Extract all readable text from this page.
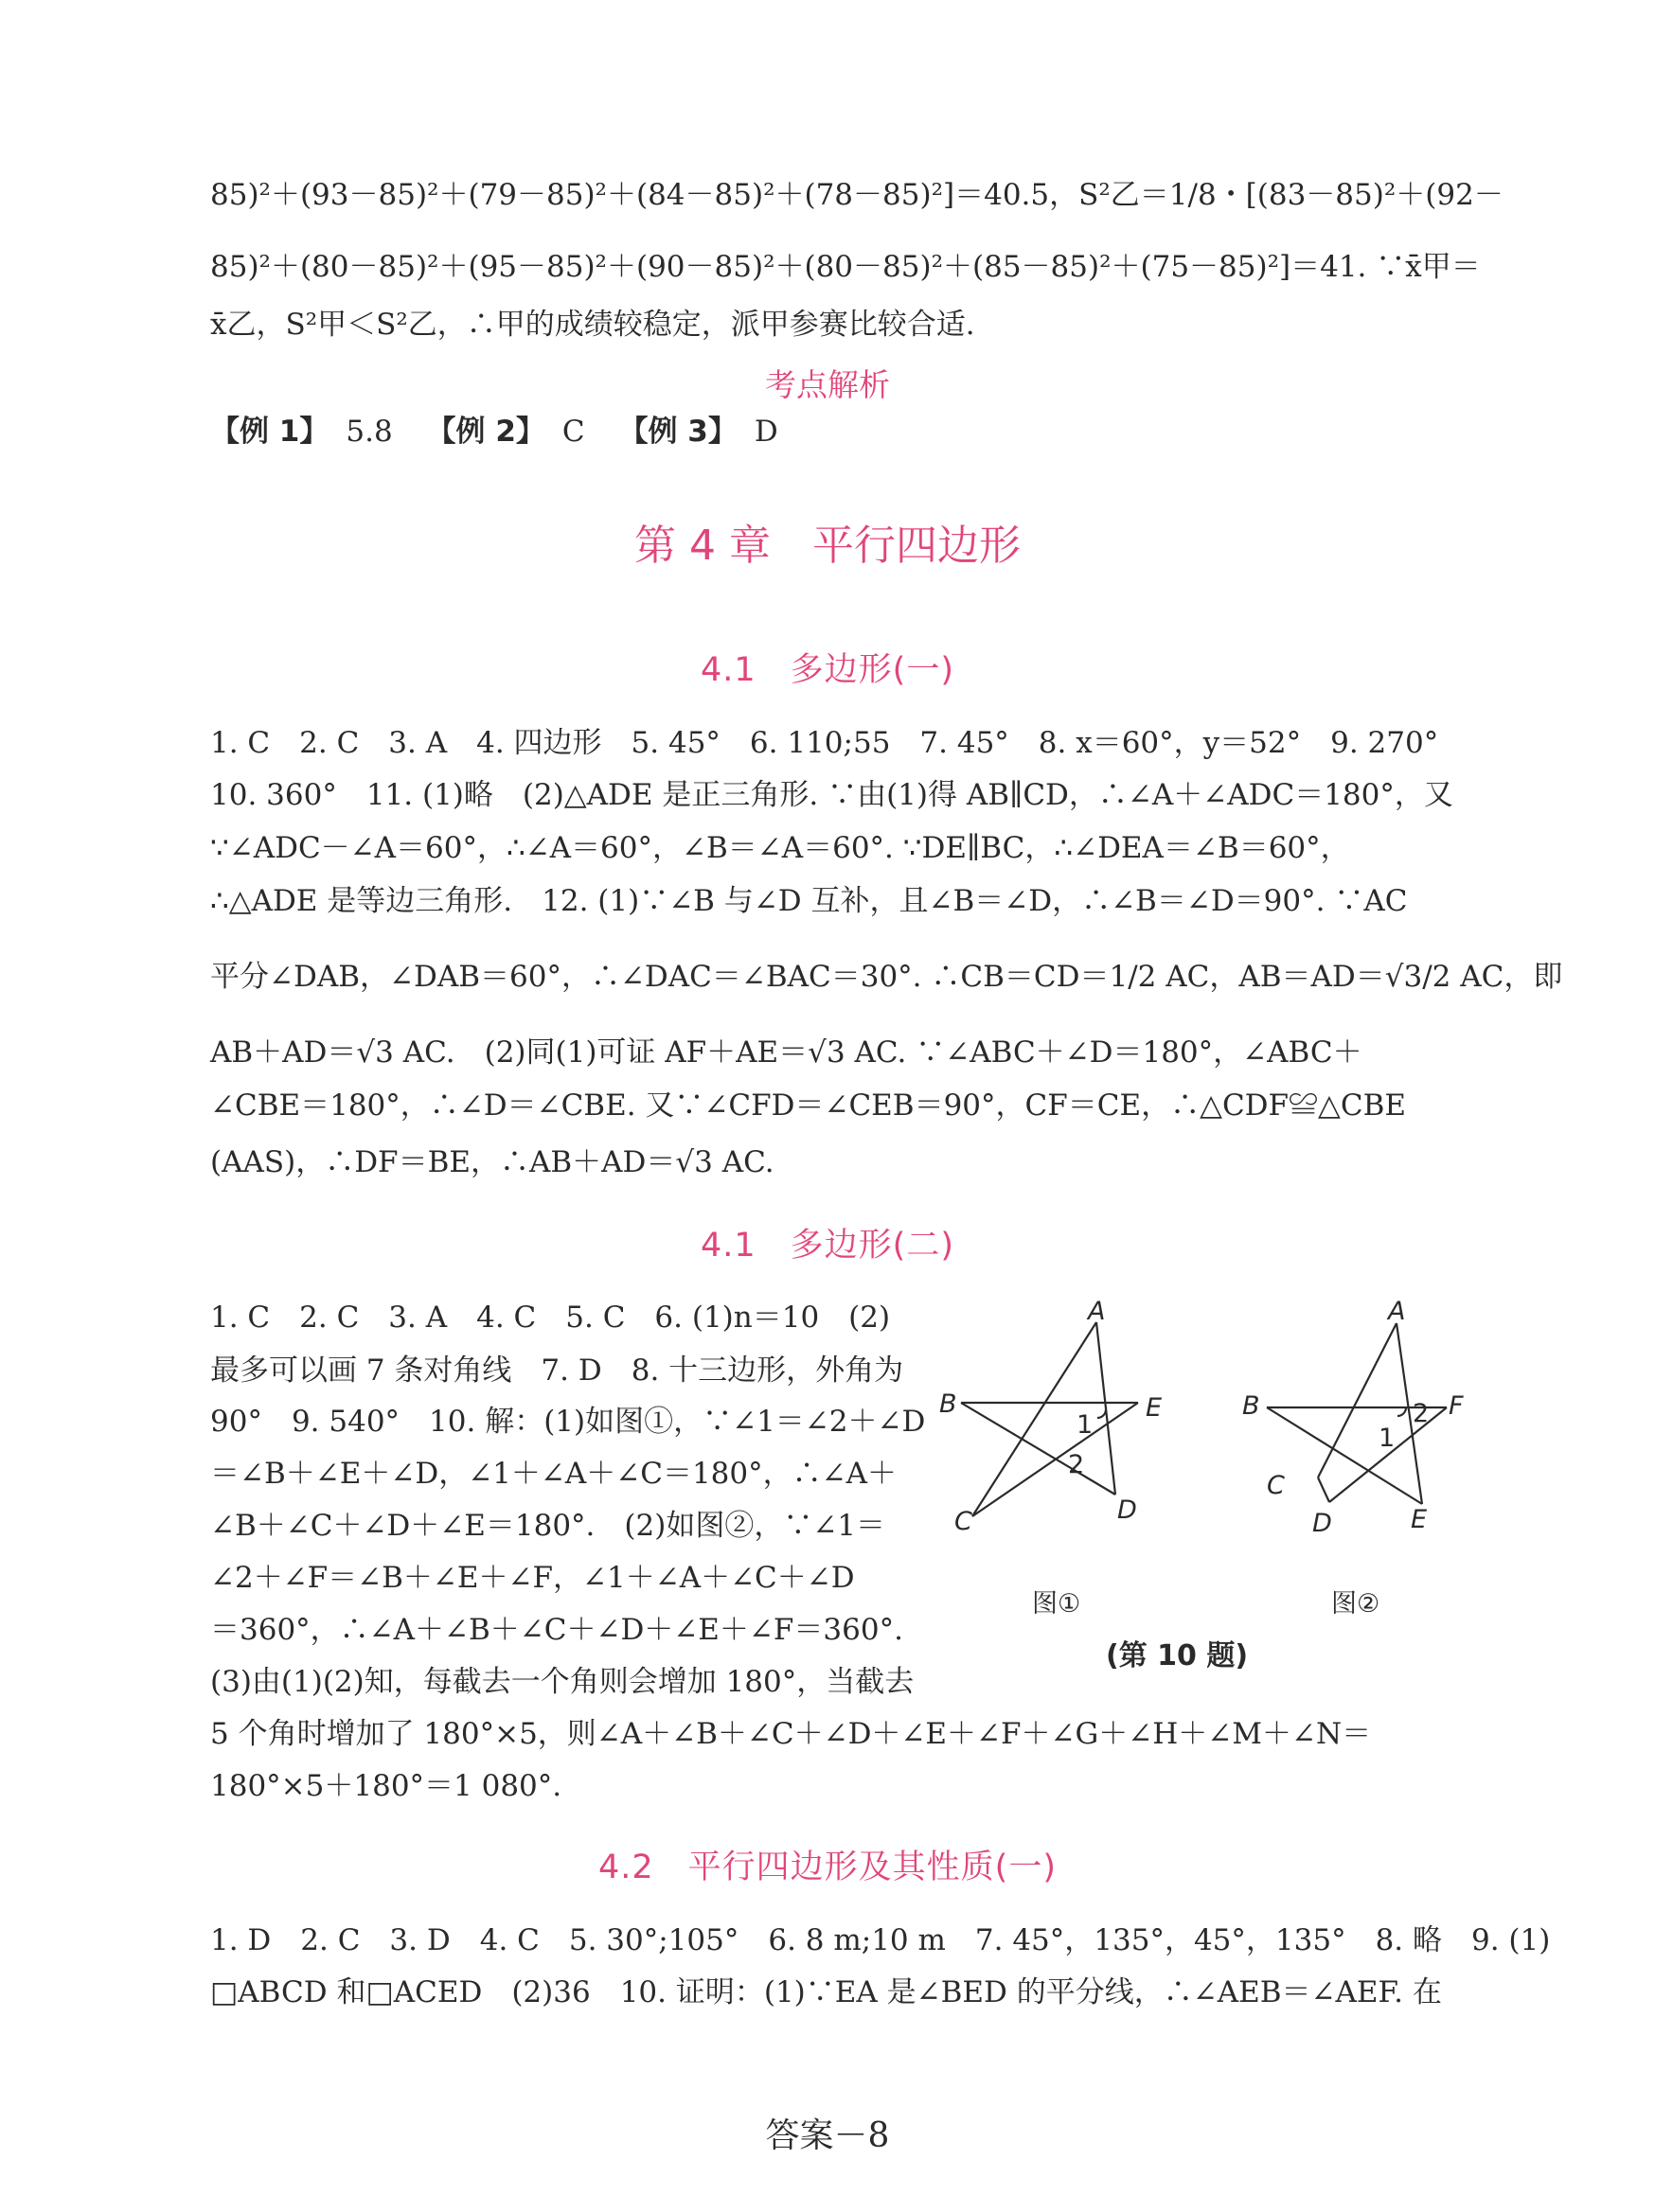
85)²＋(93－85)²＋(79－85)²＋(84－85)²＋(78－85)²]＝40.5，S²乙＝1/8・[(83－85)²＋(92－
85)²＋(80－85)²＋(95－85)²＋(90－85)²＋(80－85)²＋(85－85)²＋(75－85)²]＝41. ∵x̄甲＝
x̄乙，S²甲＜S²乙，∴甲的成绩较稳定，派甲参赛比较合适.
考点解析
【例 1】 5.8 【例 2】 C 【例 3】 D
第 4 章　平行四边形
4.1　多边形(一)
1. C　2. C　3. A　4. 四边形　5. 45°　6. 110;55　7. 45°　8. x＝60°，y＝52°　9. 270°
10. 360°　11. (1)略　(2)△ADE 是正三角形. ∵由(1)得 AB∥CD，∴∠A＋∠ADC＝180°，又
∵∠ADC－∠A＝60°，∴∠A＝60°，∠B＝∠A＝60°. ∵DE∥BC，∴∠DEA＝∠B＝60°，
∴△ADE 是等边三角形.　12. (1)∵∠B 与∠D 互补，且∠B＝∠D，∴∠B＝∠D＝90°. ∵AC
平分∠DAB，∠DAB＝60°，∴∠DAC＝∠BAC＝30°. ∴CB＝CD＝1/2 AC，AB＝AD＝√3/2 AC，即
AB＋AD＝√3 AC.　(2)同(1)可证 AF＋AE＝√3 AC. ∵∠ABC＋∠D＝180°，∠ABC＋
∠CBE＝180°，∴∠D＝∠CBE. 又∵∠CFD＝∠CEB＝90°，CF＝CE，∴△CDF≌△CBE
(AAS)，∴DF＝BE，∴AB＋AD＝√3 AC.
4.1　多边形(二)
1. C　2. C　3. A　4. C　5. C　6. (1)n＝10　(2)
最多可以画 7 条对角线　7. D　8. 十三边形，外角为
90°　9. 540°　10. 解：(1)如图①，∵∠1＝∠2＋∠D
＝∠B＋∠E＋∠D，∠1＋∠A＋∠C＝180°，∴∠A＋
∠B＋∠C＋∠D＋∠E＝180°.　(2)如图②，∵∠1＝
∠2＋∠F＝∠B＋∠E＋∠F，∠1＋∠A＋∠C＋∠D
＝360°，∴∠A＋∠B＋∠C＋∠D＋∠E＋∠F＝360°.
(3)由(1)(2)知，每截去一个角则会增加 180°，当截去
5 个角时增加了 180°×5，则∠A＋∠B＋∠C＋∠D＋∠E＋∠F＋∠G＋∠H＋∠M＋∠N＝
180°×5＋180°＝1 080°.
A
B	E
C	D
1
2
图①
A
B	F
C
D	E
1
2
图②
(第 10 题)
4.2　平行四边形及其性质(一)
1. D　2. C　3. D　4. C　5. 30°;105°　6. 8 m;10 m　7. 45°，135°，45°，135°　8. 略　9. (1)
□ABCD 和□ACED　(2)36　10. 证明：(1)∵EA 是∠BED 的平分线，∴∠AEB＝∠AEF. 在
答案－8
